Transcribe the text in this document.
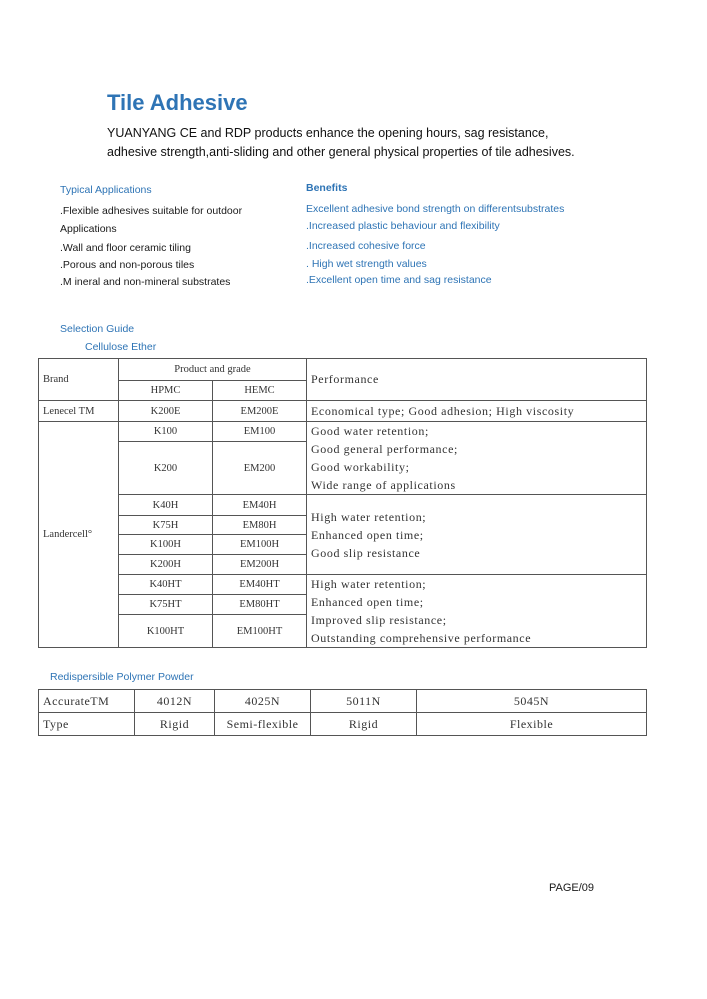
Tile Adhesive
YUANYANG CE and RDP products enhance the opening hours, sag resistance,
adhesive strength,anti-sliding and other general physical properties of tile adhesives.
Typical Applications
.Flexible adhesives suitable for outdoor
Applications
.Wall and floor ceramic tiling
.Porous and non-porous tiles
.M ineral and non-mineral substrates
Benefits
Excellent adhesive bond strength on differentsubstrates
.Increased plastic behaviour and flexibility
.Increased cohesive force
. High wet strength values
.Excellent open time and sag resistance
Selection Guide
Cellulose Ether
Brand	Product and grade		Performance
	HPMC	HEMC	
Lenecel TM	K200E	EM200E	Economical type; Good adhesion; High viscosity
Landercell°	K100	EM100	Good water retention;
Good general performance;
Good workability;
Wide range of applications

	K200	EM200	
	K40H	EM40H	High water retention;
Enhanced open time;
Good slip resistance

	K75H	EM80H	
	K100H	EM100H	
	K200H	EM200H	
	K40HT	EM40HT	High water retention;
Enhanced open time;
Improved slip resistance;
Outstanding comprehensive performance

	K75HT	EM80HT	
	K100HT	EM100HT	
Redispersible Polymer Powder
AccurateTM	4012N	4025N	5011N	5045N
Type	Rigid	Semi-flexible	Rigid	Flexible
PAGE/09
